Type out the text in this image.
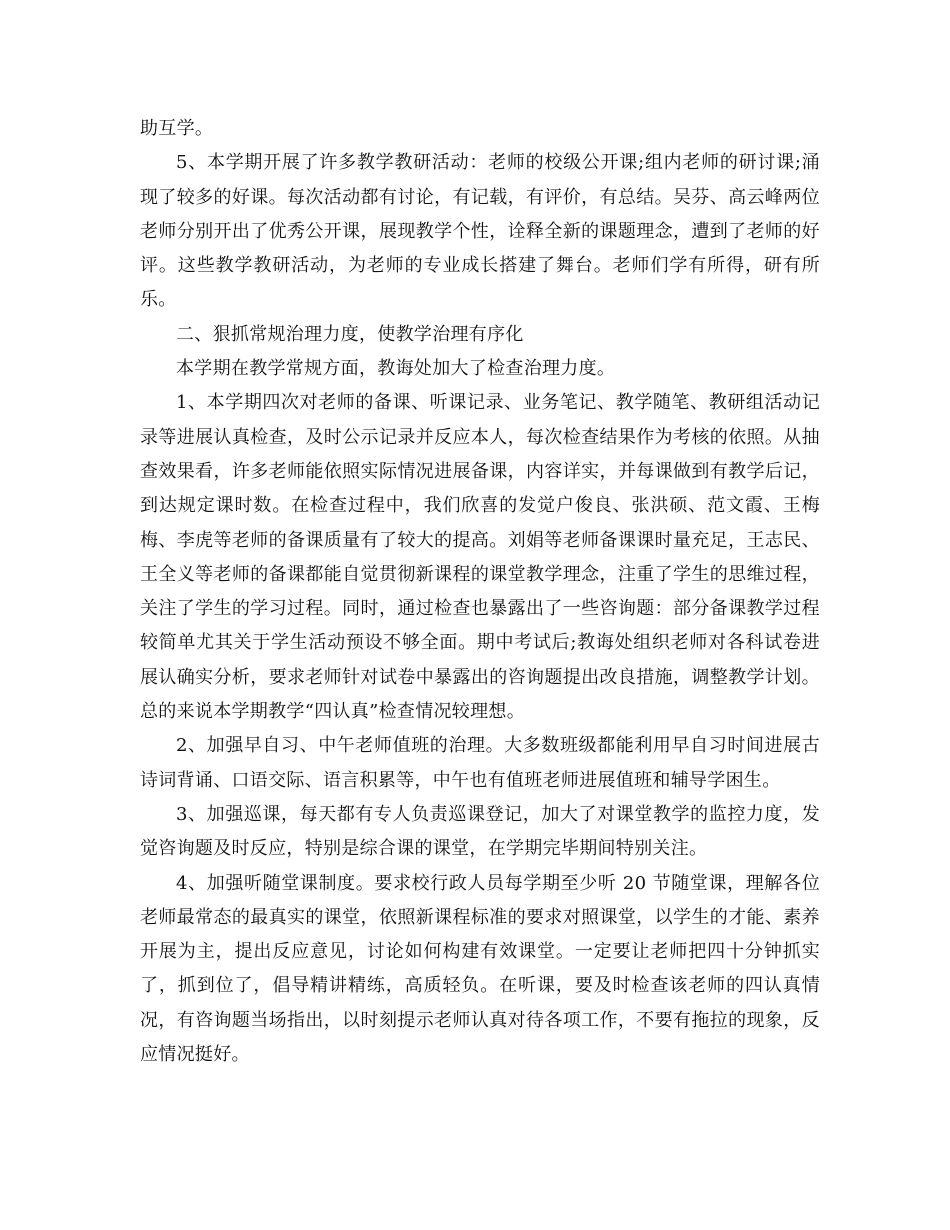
助互学。

5、本学期开展了许多教学教研活动：老师的校级公开课;组内老师的研讨课;涌现了较多的好课。每次活动都有讨论，有记载，有评价，有总结。吴芬、高云峰两位老师分别开出了优秀公开课，展现教学个性，诠释全新的课题理念，遭到了老师的好评。这些教学教研活动，为老师的专业成长搭建了舞台。老师们学有所得，研有所乐。

二、狠抓常规治理力度，使教学治理有序化

本学期在教学常规方面，教诲处加大了检查治理力度。

1、本学期四次对老师的备课、听课记录、业务笔记、教学随笔、教研组活动记录等进展认真检查，及时公示记录并反应本人，每次检查结果作为考核的依照。从抽查效果看，许多老师能依照实际情况进展备课，内容详实，并每课做到有教学后记，到达规定课时数。在检查过程中，我们欣喜的发觉户俊良、张洪硕、范文霞、王梅梅、李虎等老师的备课质量有了较大的提高。刘娟等老师备课课时量充足，王志民、王全义等老师的备课都能自觉贯彻新课程的课堂教学理念，注重了学生的思维过程，关注了学生的学习过程。同时，通过检查也暴露出了一些咨询题：部分备课教学过程较简单尤其关于学生活动预设不够全面。期中考试后;教诲处组织老师对各科试卷进展认确实分析，要求老师针对试卷中暴露出的咨询题提出改良措施，调整教学计划。总的来说本学期教学“四认真”检查情况较理想。

2、加强早自习、中午老师值班的治理。大多数班级都能利用早自习时间进展古诗词背诵、口语交际、语言积累等，中午也有值班老师进展值班和辅导学困生。

3、加强巡课，每天都有专人负责巡课登记，加大了对课堂教学的监控力度，发觉咨询题及时反应，特别是综合课的课堂，在学期完毕期间特别关注。

4、加强听随堂课制度。要求校行政人员每学期至少听 20 节随堂课，理解各位老师最常态的最真实的课堂，依照新课程标准的要求对照课堂，以学生的才能、素养开展为主，提出反应意见，讨论如何构建有效课堂。一定要让老师把四十分钟抓实了，抓到位了，倡导精讲精练，高质轻负。在听课，要及时检查该老师的四认真情况，有咨询题当场指出，以时刻提示老师认真对待各项工作，不要有拖拉的现象，反应情况挺好。
